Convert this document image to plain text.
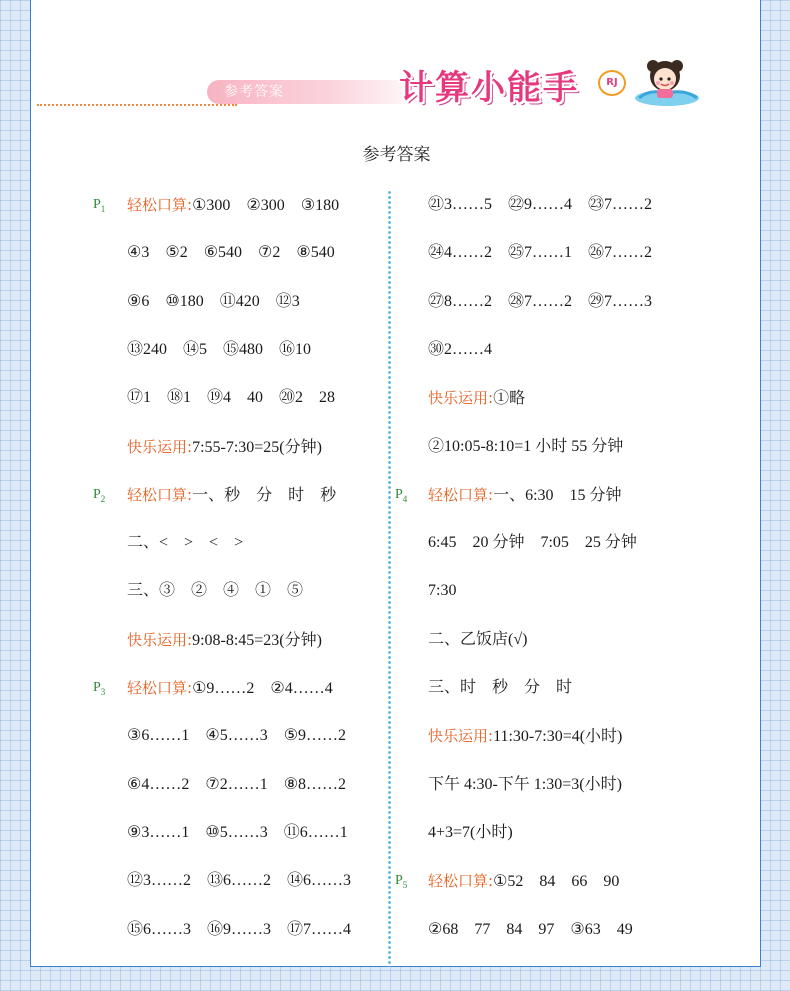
参考答案	计算小能手	RJ
参考答案
$P_1$ 轻松口算:①300　②300　③180
④3　⑤2　⑥540　⑦2　⑧540
⑨6　⑩180　⑪420　⑫3
⑬240　⑭5　⑮480　⑯10
⑰1　⑱1　⑲4　40　⑳2　28
快乐运用:7:55-7:30=25(分钟)
$P_2$ 轻松口算:一、秒　分　时　秒
二、<　>　<　>
三、③　②　④　①　⑤
快乐运用:9:08-8:45=23(分钟)
$P_3$ 轻松口算:①9……2　②4……4
③6……1　④5……3　⑤9……2
⑥4……2　⑦2……1　⑧8……2
⑨3……1　⑩5……3　⑪6……1
⑫3……2　⑬6……2　⑭6……3
⑮6……3　⑯9……3　⑰7……4
㉑3……5　㉒9……4　㉓7……2
㉔4……2　㉕7……1　㉖7……2
㉗8……2　㉘7……2　㉙7……3
㉚2……4
快乐运用:①略
②10:05-8:10=1 小时 55 分钟
$P_4$ 轻松口算:一、6:30　15 分钟
6:45　20 分钟　7:05　25 分钟
7:30
二、乙饭店(√)
三、时　秒　分　时
快乐运用:11:30-7:30=4(小时)
下午 4:30-下午 1:30=3(小时)
4+3=7(小时)
$P_5$ 轻松口算:①52　84　66　90
②68　77　84　97　③63　49
